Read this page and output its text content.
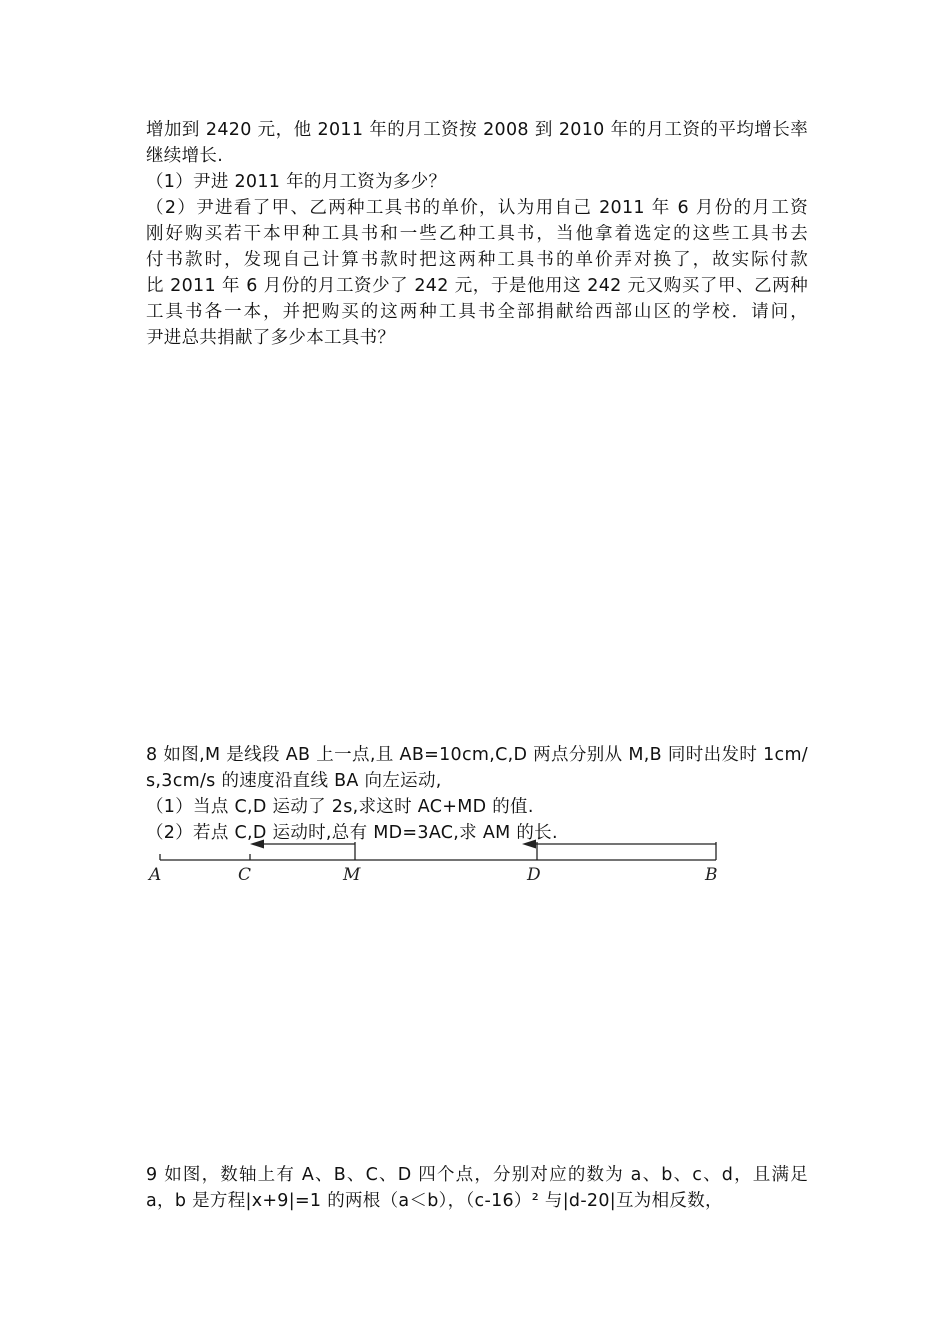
增加到 2420 元，他 2011 年的月工资按 2008 到 2010 年的月工资的平均增长率
继续增长.
（1）尹进 2011 年的月工资为多少？
（2）尹进看了甲、乙两种工具书的单价，认为用自己 2011 年 6 月份的月工资
刚好购买若干本甲种工具书和一些乙种工具书，当他拿着选定的这些工具书去
付书款时，发现自己计算书款时把这两种工具书的单价弄对换了，故实际付款
比 2011 年 6 月份的月工资少了 242 元，于是他用这 242 元又购买了甲、乙两种
工具书各一本，并把购买的这两种工具书全部捐献给西部山区的学校．请问，
尹进总共捐献了多少本工具书？
8 如图,M 是线段 AB 上一点,且 AB=10cm,C,D 两点分别从 M,B 同时出发时 1cm/
s,3cm/s 的速度沿直线 BA 向左运动,
（1）当点 C,D 运动了 2s,求这时 AC+MD 的值.
（2）若点 C,D 运动时,总有 MD=3AC,求 AM 的长.
A	C	M	D	B
9 如图，数轴上有 A、B、C、D 四个点，分别对应的数为 a、b、c、d，且满足
a，b 是方程|x+9|=1 的两根（a＜b），（c-16）² 与|d-20|互为相反数，
